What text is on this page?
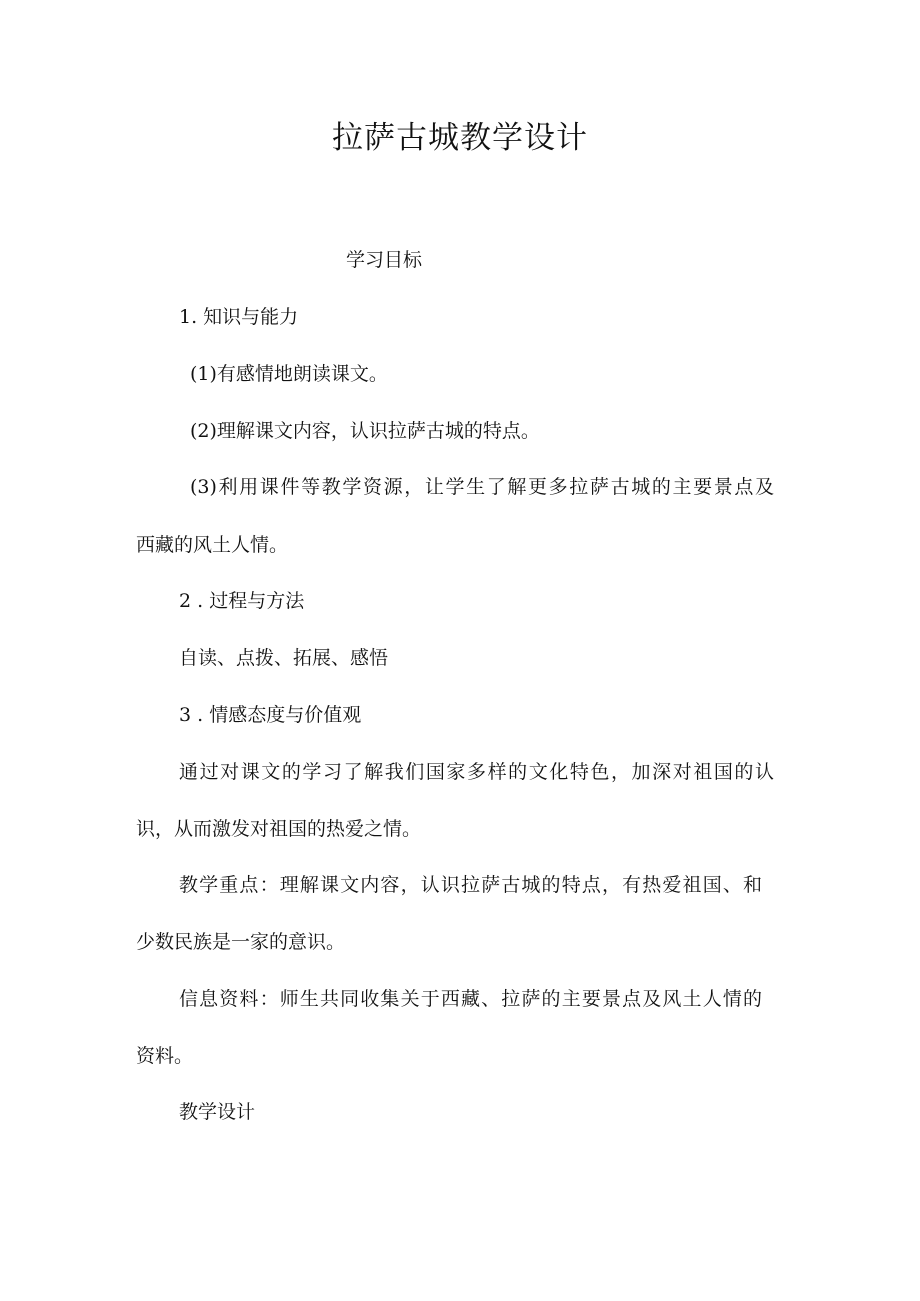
拉萨古城教学设计
学习目标
1. 知识与能力
(1)有感情地朗读课文。
(2)理解课文内容，认识拉萨古城的特点。
(3)利用课件等教学资源，让学生了解更多拉萨古城的主要景点及
西藏的风土人情。
2 . 过程与方法
自读、点拨、拓展、感悟
3 . 情感态度与价值观
通过对课文的学习了解我们国家多样的文化特色，加深对祖国的认
识，从而激发对祖国的热爱之情。
教学重点：理解课文内容，认识拉萨古城的特点，有热爱祖国、和
少数民族是一家的意识。
信息资料：师生共同收集关于西藏、拉萨的主要景点及风土人情的
资料。
教学设计
